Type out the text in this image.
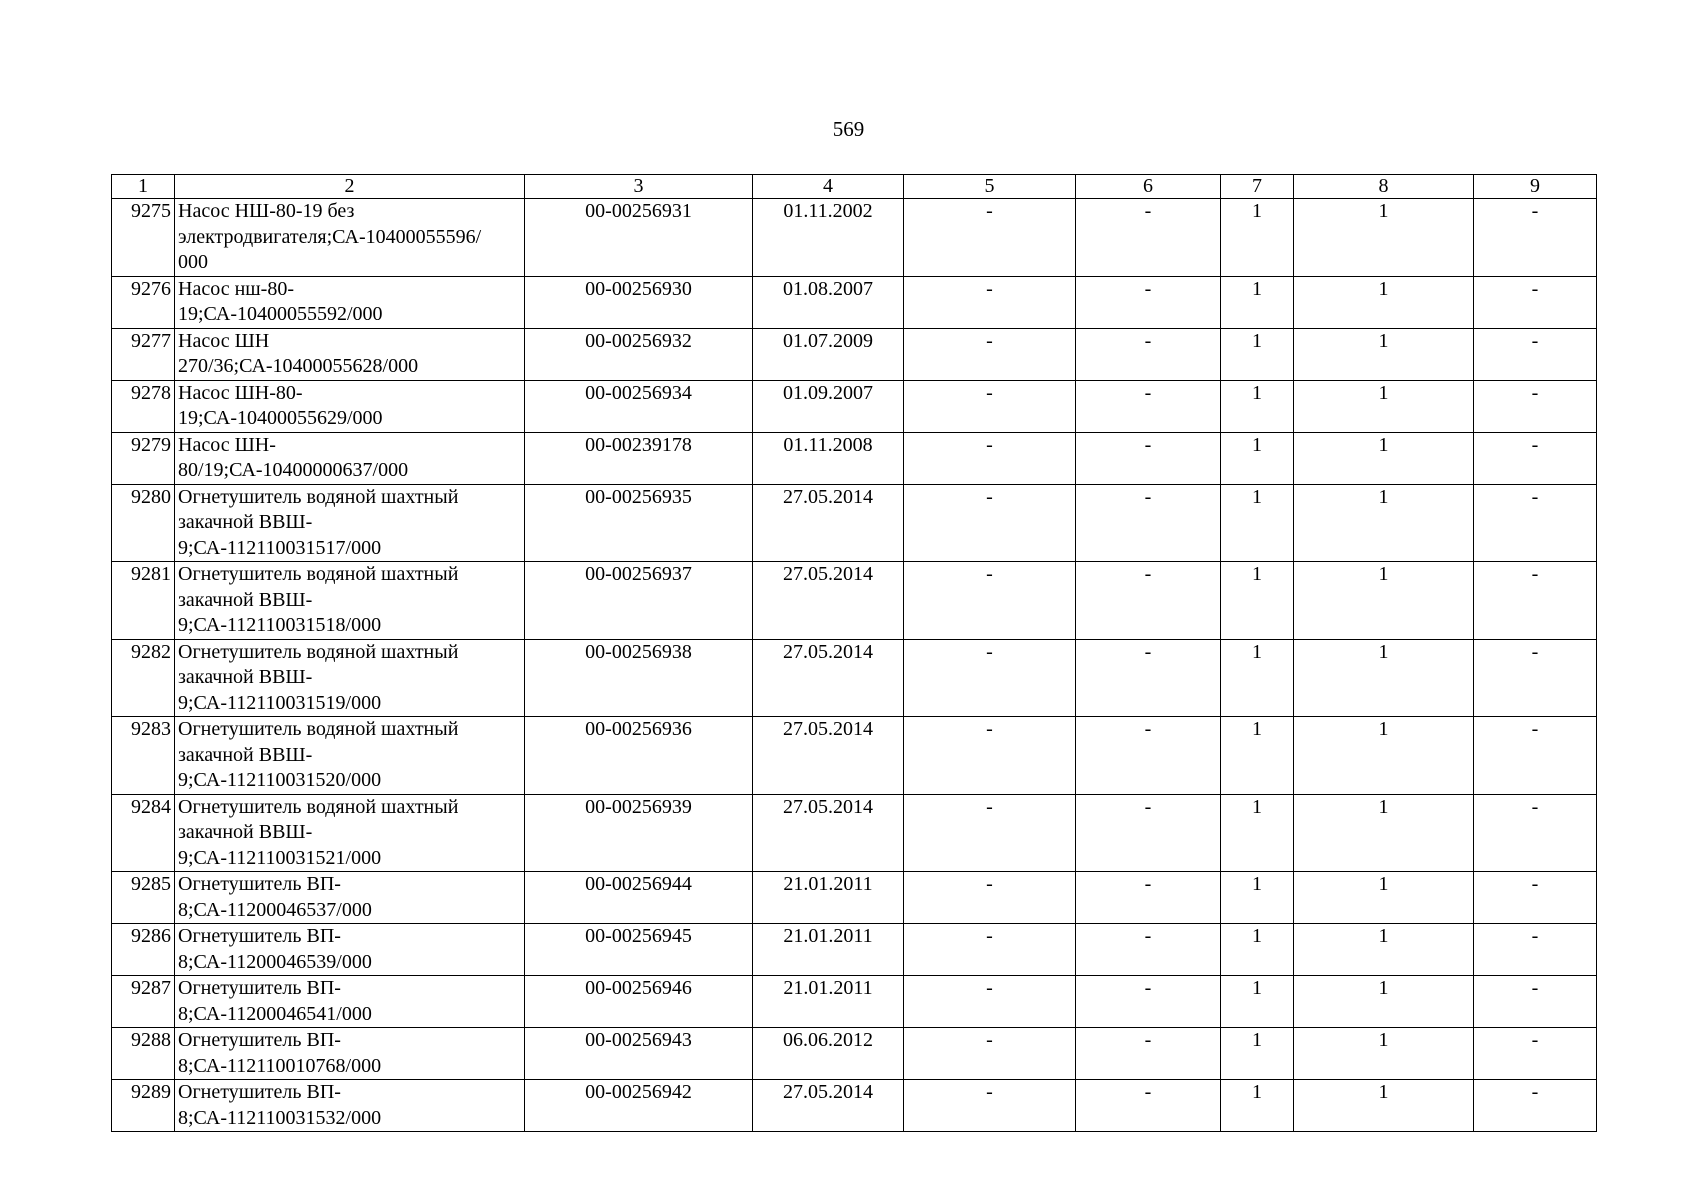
569
1	2	3	4	5	6	7	8	9
9275	Насос НШ-80-19 без
электродвигателя;СА-10400055596/
000	00-00256931	01.11.2002	-	-	1	1	-
9276	Насос нш-80-
19;СА-10400055592/000	00-00256930	01.08.2007	-	-	1	1	-
9277	Насос ШН
270/36;СА-10400055628/000	00-00256932	01.07.2009	-	-	1	1	-
9278	Насос ШН-80-
19;СА-10400055629/000	00-00256934	01.09.2007	-	-	1	1	-
9279	Насос ШН-
80/19;СА-10400000637/000	00-00239178	01.11.2008	-	-	1	1	-
9280	Огнетушитель водяной шахтный
закачной ВВШ-
9;СА-112110031517/000	00-00256935	27.05.2014	-	-	1	1	-
9281	Огнетушитель водяной шахтный
закачной ВВШ-
9;СА-112110031518/000	00-00256937	27.05.2014	-	-	1	1	-
9282	Огнетушитель водяной шахтный
закачной ВВШ-
9;СА-112110031519/000	00-00256938	27.05.2014	-	-	1	1	-
9283	Огнетушитель водяной шахтный
закачной ВВШ-
9;СА-112110031520/000	00-00256936	27.05.2014	-	-	1	1	-
9284	Огнетушитель водяной шахтный
закачной ВВШ-
9;СА-112110031521/000	00-00256939	27.05.2014	-	-	1	1	-
9285	Огнетушитель ВП-
8;СА-11200046537/000	00-00256944	21.01.2011	-	-	1	1	-
9286	Огнетушитель ВП-
8;СА-11200046539/000	00-00256945	21.01.2011	-	-	1	1	-
9287	Огнетушитель ВП-
8;СА-11200046541/000	00-00256946	21.01.2011	-	-	1	1	-
9288	Огнетушитель ВП-
8;СА-112110010768/000	00-00256943	06.06.2012	-	-	1	1	-
9289	Огнетушитель ВП-
8;СА-112110031532/000	00-00256942	27.05.2014	-	-	1	1	-
